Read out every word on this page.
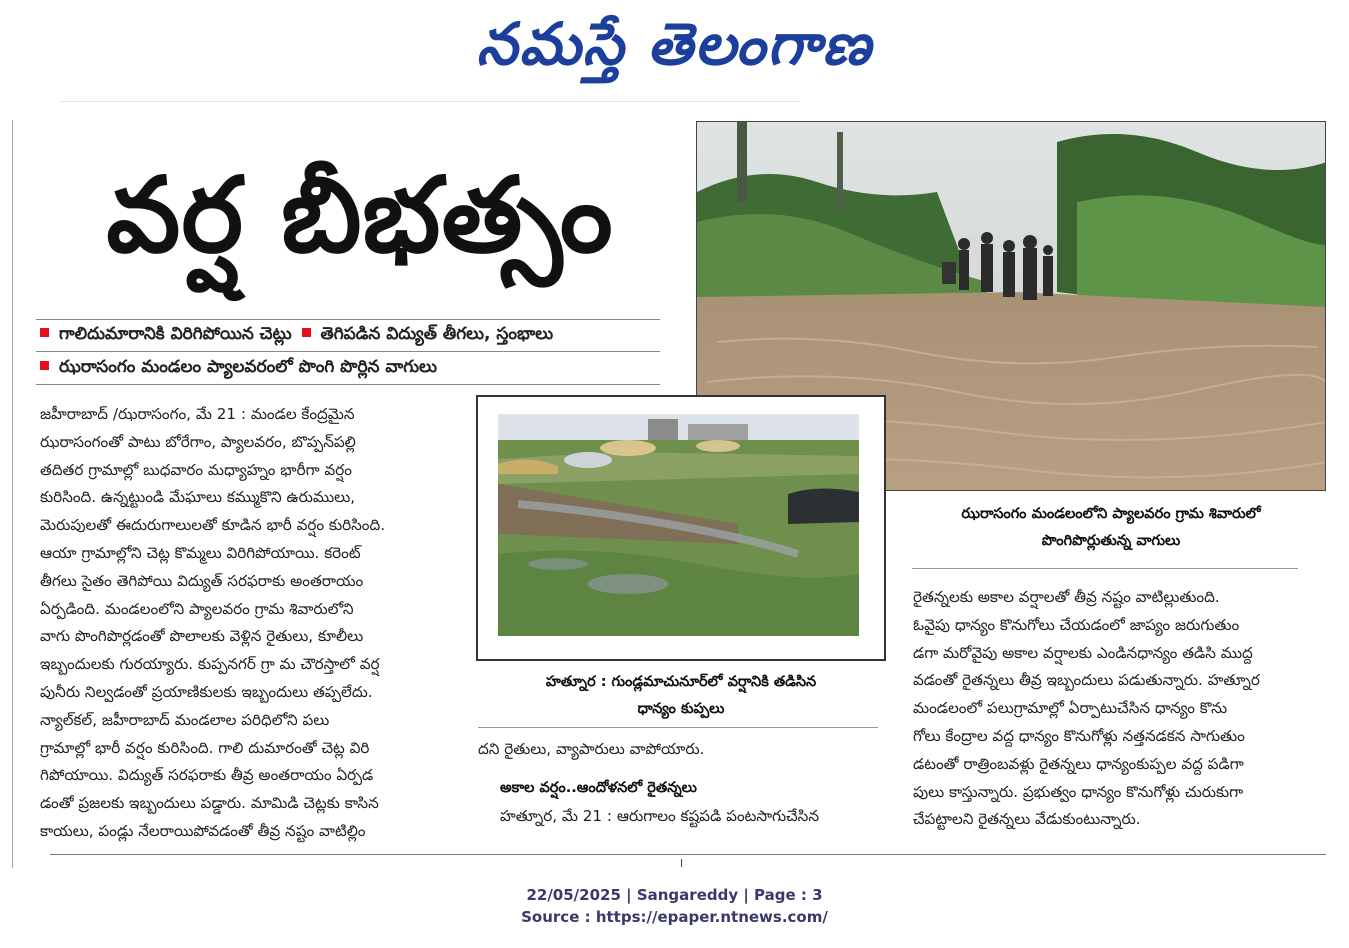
నమస్తే తెలంగాణ
వర్ష బీభత్సం
గాలిదుమారానికి విరిగిపోయిన చెట్లు తెగిపడిన విద్యుత్ తీగలు, స్తంభాలు
ఝరాసంగం మండలం ప్యాలవరంలో పొంగి పొర్లిన వాగులు
జహీరాబాద్ /ఝరాసంగం, మే 21 : మండల కేంద్రమైన
ఝరాసంగంతో పాటు బోరేగాం, ప్యాలవరం, బొప్పన్‌పల్లి
తదితర గ్రామాల్లో బుధవారం మధ్యాహ్నం భారీగా వర్షం
కురిసింది. ఉన్నట్టుండి మేఘాలు కమ్ముకొని ఉరుములు,
మెరుపులతో ఈదురుగాలులతో కూడిన భారీ వర్షం కురిసింది.
ఆయా గ్రామాల్లోని చెట్ల కొమ్మలు విరిగిపోయాయి. కరెంట్
తీగలు సైతం తెగిపోయి విద్యుత్ సరఫరాకు అంతరాయం
ఏర్పడింది. మండలంలోని ప్యాలవరం గ్రామ శివారులోని
వాగు పొంగిపొర్లడంతో పొలాలకు వెళ్లిన రైతులు, కూలీలు
ఇబ్బందులకు గురయ్యారు. కుప్పనగర్ గ్రా మ చౌరస్తాలో వర్ష
పునీరు నిల్వడంతో ప్రయాణికులకు ఇబ్బందులు తప్పలేదు.
న్యాల్‌కల్, జహీరాబాద్ మండలాల పరిధిలోని పలు
గ్రామాల్లో భారీ వర్షం కురిసింది. గాలి దుమారంతో చెట్ల విరి
గిపోయాయి. విద్యుత్ సరఫరాకు తీవ్ర అంతరాయం ఏర్పడ
డంతో ప్రజలకు ఇబ్బందులు పడ్డారు. మామిడి చెట్లకు కాసిన
కాయలు, పండ్లు నేలరాయిపోవడంతో తీవ్ర నష్టం వాటిల్లిం
ఝరాసంగం మండలంలోని ప్యాలవరం గ్రామ శివారులో
పొంగిపొర్లుతున్న వాగులు
హత్నూర : గుండ్లమాచునూర్‌లో వర్షానికి తడిసిన
ధాన్యం కుప్పలు
దని రైతులు, వ్యాపారులు వాపోయారు.
అకాల వర్షం..ఆందోళనలో రైతన్నలు
హత్నూర, మే 21 : ఆరుగాలం కష్టపడి పంటసాగుచేసిన
రైతన్నలకు అకాల వర్షాలతో తీవ్ర నష్టం వాటిల్లుతుంది.
ఓవైపు ధాన్యం కొనుగోలు చేయడంలో జాప్యం జరుగుతుం
డగా మరోవైపు అకాల వర్షాలకు ఎండినధాన్యం తడిసి ముద్ద
వడంతో రైతన్నలు తీవ్ర ఇబ్బందులు పడుతున్నారు. హత్నూర
మండలంలో పలుగ్రామాల్లో ఏర్పాటుచేసిన ధాన్యం కొను
గోలు కేంద్రాల వద్ద ధాన్యం కొనుగోళ్లు నత్తనడకన సాగుతుం
డటంతో రాత్రింబవళ్లు రైతన్నలు ధాన్యంకుప్పల వద్ద పడిగా
పులు కాస్తున్నారు. ప్రభుత్వం ధాన్యం కొనుగోళ్లు చురుకుగా
చేపట్టాలని రైతన్నలు వేడుకుంటున్నారు.
22/05/2025 | Sangareddy | Page : 3
Source : https://epaper.ntnews.com/
